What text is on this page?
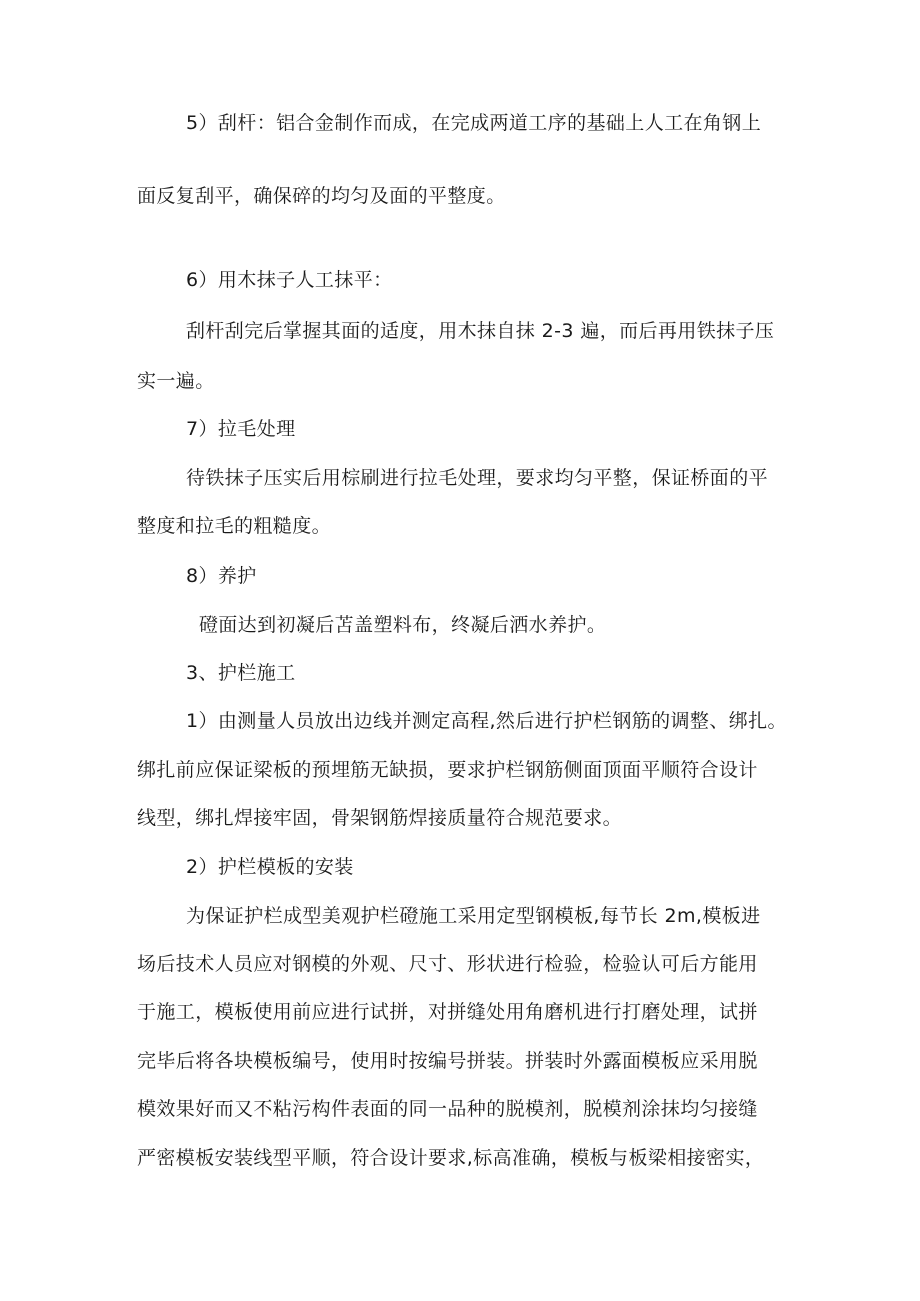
5）刮杆：铝合金制作而成，在完成两道工序的基础上人工在角钢上
面反复刮平，确保碎的均匀及面的平整度。
6）用木抹子人工抹平：
刮杆刮完后掌握其面的适度，用木抹自抹 2-3 遍，而后再用铁抹子压
实一遍。
7）拉毛处理
待铁抹子压实后用棕刷进行拉毛处理，要求均匀平整，保证桥面的平
整度和拉毛的粗糙度。
8）养护
磴面达到初凝后苫盖塑料布，终凝后洒水养护。
3、护栏施工
1）由测量人员放出边线并测定高程,然后进行护栏钢筋的调整、绑扎。
绑扎前应保证梁板的预埋筋无缺损，要求护栏钢筋侧面顶面平顺符合设计
线型，绑扎焊接牢固，骨架钢筋焊接质量符合规范要求。
2）护栏模板的安装
为保证护栏成型美观护栏磴施工采用定型钢模板,每节长 2m,模板进
场后技术人员应对钢模的外观、尺寸、形状进行检验，检验认可后方能用
于施工，模板使用前应进行试拼，对拼缝处用角磨机进行打磨处理，试拼
完毕后将各块模板编号，使用时按编号拼装。拼装时外露面模板应采用脱
模效果好而又不粘污构件表面的同一品种的脱模剂，脱模剂涂抹均匀接缝
严密模板安装线型平顺，符合设计要求,标高准确，模板与板梁相接密实，
